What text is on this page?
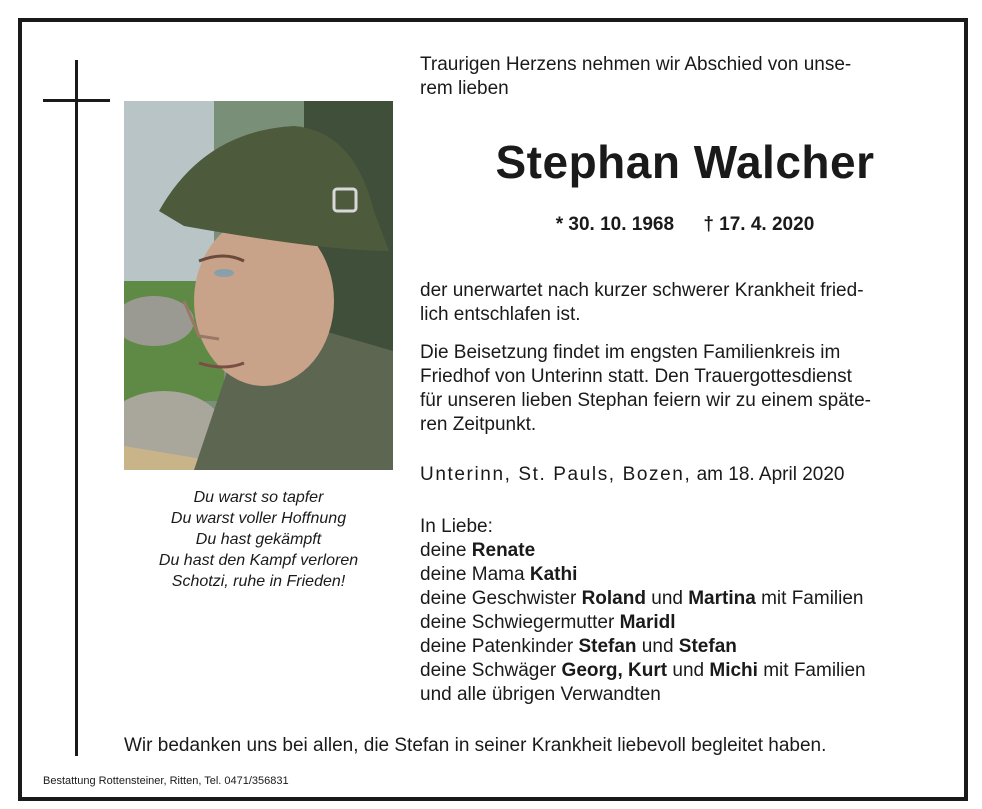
Du warst so tapfer
Du warst voller Hoffnung
Du hast gekämpft
Du hast den Kampf verloren
Schotzi, ruhe in Frieden!
Traurigen Herzens nehmen wir Abschied von unse-
rem lieben
Stephan Walcher
* 30. 10. 1968 † 17. 4. 2020
der unerwartet nach kurzer schwerer Krankheit fried-
lich entschlafen ist.
Die Beisetzung findet im engsten Familienkreis im
Friedhof von Unterinn statt. Den Trauergottesdienst
für unseren lieben Stephan feiern wir zu einem späte-
ren Zeitpunkt.
Unterinn, St. Pauls, Bozen, am 18. April 2020
In Liebe:
deine Renate
deine Mama Kathi
deine Geschwister Roland und Martina mit Familien
deine Schwiegermutter Maridl
deine Patenkinder Stefan und Stefan
deine Schwäger Georg, Kurt und Michi mit Familien
und alle übrigen Verwandten
Wir bedanken uns bei allen, die Stefan in seiner Krankheit liebevoll begleitet haben.
Bestattung Rottensteiner, Ritten, Tel. 0471/356831
